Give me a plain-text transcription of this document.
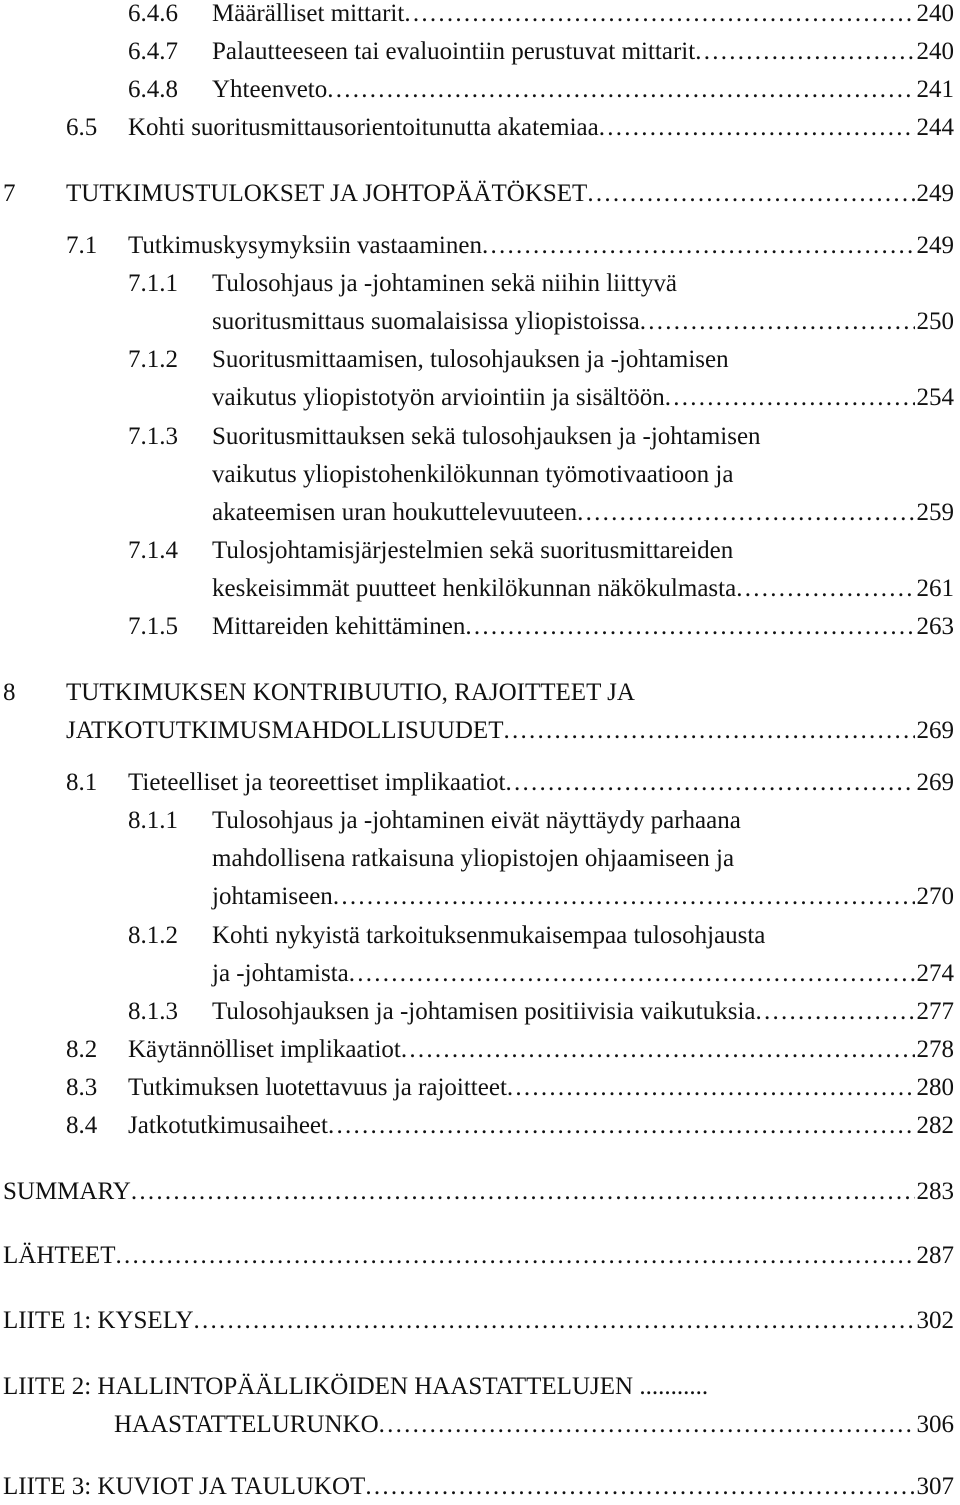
6.4.6 Määrälliset mittarit . . .	240
6.4.7 Palautteeseen tai evaluointiin perustuvat mittarit . . .	240
6.4.8 Yhteenveto . . .	241
6.5 Kohti suoritusmittausorientoitunutta akatemiaa . . .	244
7 TUTKIMUSTULOKSET JA JOHTOPÄÄTÖKSET . . .	249
7.1 Tutkimuskysymyksiin vastaaminen . . .	249
7.1.1 Tulosohjaus ja -johtaminen sekä niihin liittyvä
suoritusmittaus suomalaisissa yliopistoissa . . .	250
7.1.2 Suoritusmittaamisen, tulosohjauksen ja -johtamisen
vaikutus yliopistotyön arviointiin ja sisältöön . . .	254
7.1.3 Suoritusmittauksen sekä tulosohjauksen ja -johtamisen
vaikutus yliopistohenkilökunnan työmotivaatioon ja
akateemisen uran houkuttelevuuteen . . .	259
7.1.4 Tulosjohtamisjärjestelmien sekä suoritusmittareiden
keskeisimmät puutteet henkilökunnan näkökulmasta . . .	261
7.1.5 Mittareiden kehittäminen . . .	263
8 TUTKIMUKSEN KONTRIBUUTIO, RAJOITTEET JA
JATKOTUTKIMUSMAHDOLLISUUDET . . .	269
8.1 Tieteelliset ja teoreettiset implikaatiot . . .	269
8.1.1 Tulosohjaus ja -johtaminen eivät näyttäydy parhaana
mahdollisena ratkaisuna yliopistojen ohjaamiseen ja
johtamiseen . . .	270
8.1.2 Kohti nykyistä tarkoituksenmukaisempaa tulosohjausta
ja -johtamista . . .	274
8.1.3 Tulosohjauksen ja -johtamisen positiivisia vaikutuksia . . .	277
8.2 Käytännölliset implikaatiot . . .	278
8.3 Tutkimuksen luotettavuus ja rajoitteet . . .	280
8.4 Jatkotutkimusaiheet . . .	282
SUMMARY . . .	283
LÄHTEET . . .	287
LIITE 1: KYSELY . . .	302
LIITE 2: HALLINTOPÄÄLLIKÖIDEN HAASTATTELUJEN ...........
HAASTATTELURUNKO . . .	306
LIITE 3: KUVIOT JA TAULUKOT . . .	307
